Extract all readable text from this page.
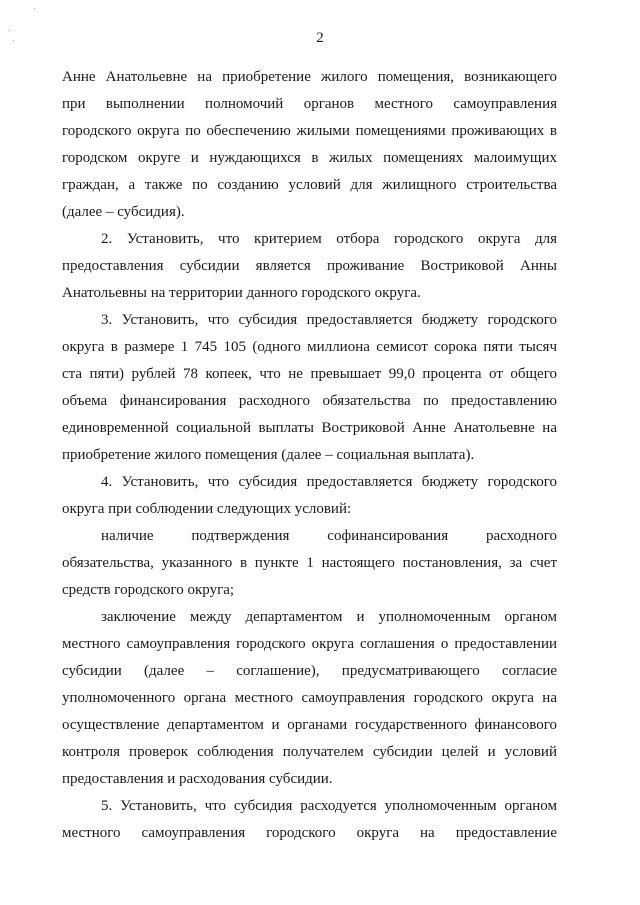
2
Анне Анатольевне на приобретение жилого помещения, возникающего
при выполнении полномочий органов местного самоуправления
городского округа по обеспечению жилыми помещениями проживающих в
городском округе и нуждающихся в жилых помещениях малоимущих
граждан, а также по созданию условий для жилищного строительства
(далее – субсидия).
2. Установить, что критерием отбора городского округа для
предоставления субсидии является проживание Востриковой Анны
Анатольевны на территории данного городского округа.
3. Установить, что субсидия предоставляется бюджету городского
округа в размере 1 745 105 (одного миллиона семисот сорока пяти тысяч
ста пяти) рублей 78 копеек, что не превышает 99,0 процента от общего
объема финансирования расходного обязательства по предоставлению
единовременной социальной выплаты Востриковой Анне Анатольевне на
приобретение жилого помещения (далее – социальная выплата).
4. Установить, что субсидия предоставляется бюджету городского
округа при соблюдении следующих условий:
наличие подтверждения софинансирования расходного
обязательства, указанного в пункте 1 настоящего постановления, за счет
средств городского округа;
заключение между департаментом и уполномоченным органом
местного самоуправления городского округа соглашения о предоставлении
субсидии (далее – соглашение), предусматривающего согласие
уполномоченного органа местного самоуправления городского округа на
осуществление департаментом и органами государственного финансового
контроля проверок соблюдения получателем субсидии целей и условий
предоставления и расходования субсидии.
5. Установить, что субсидия расходуется уполномоченным органом
местного самоуправления городского округа на предоставление
